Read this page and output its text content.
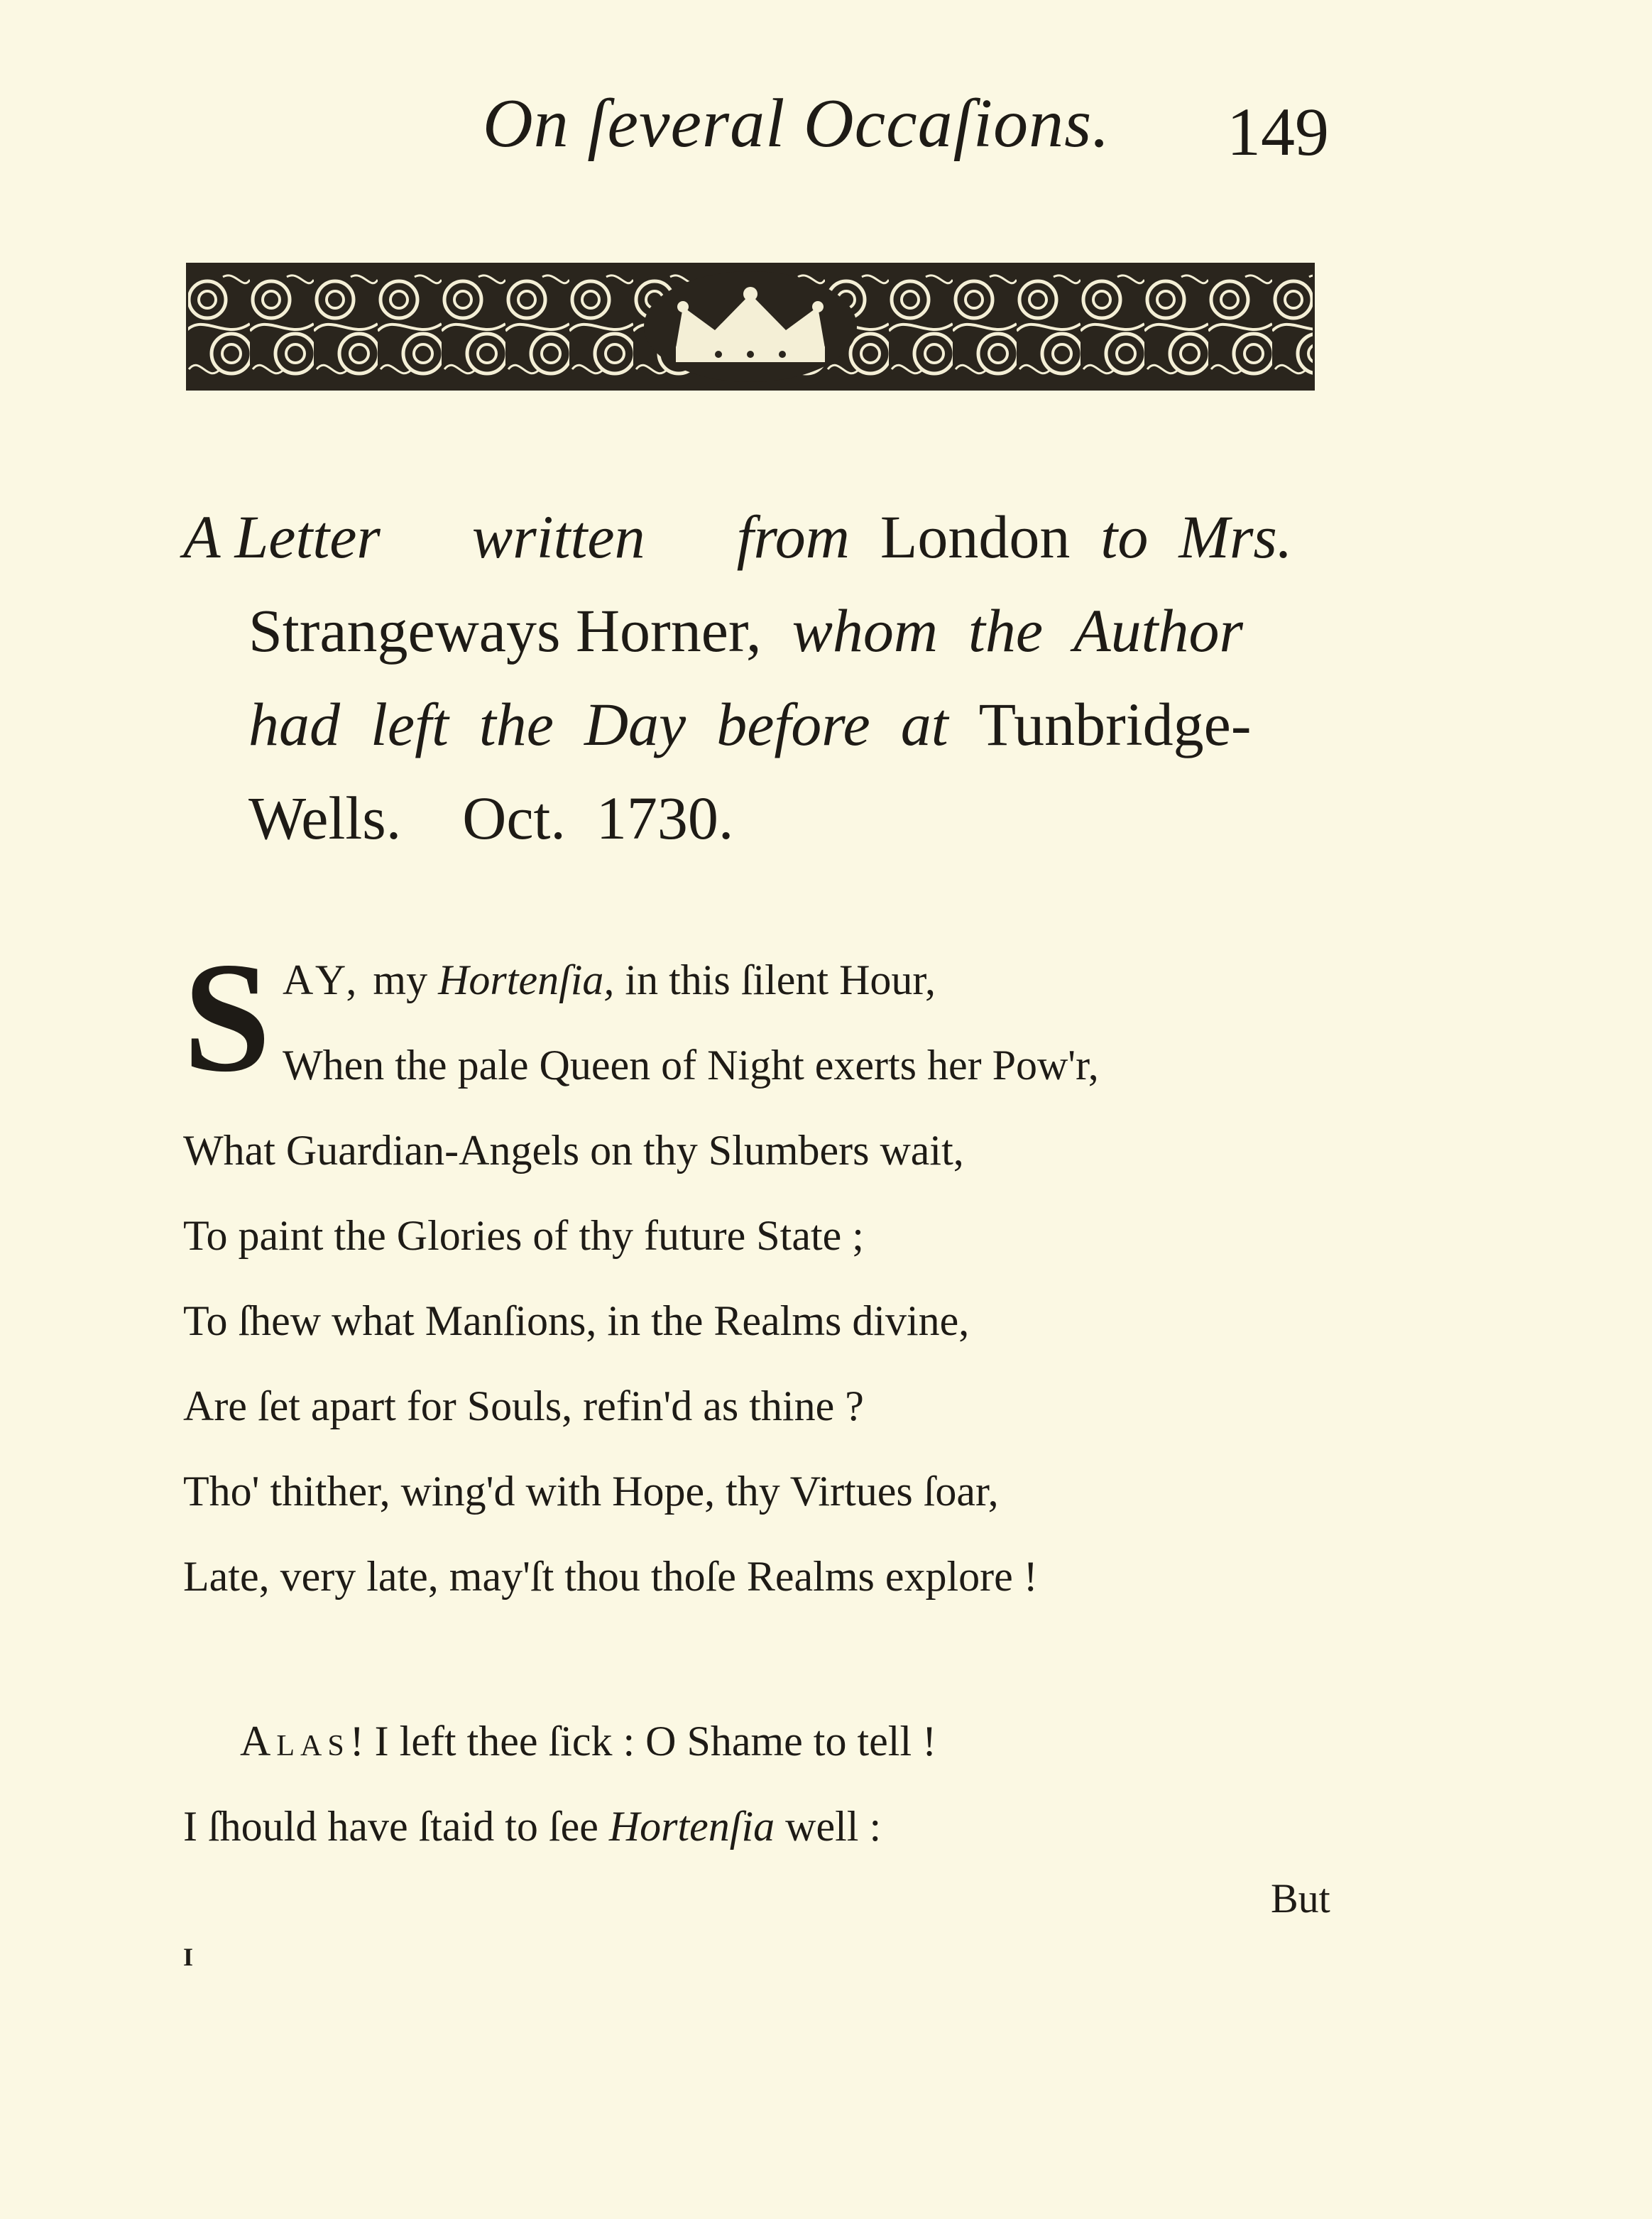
On ſeveral Occaſions. 149
A Letter   written   from  London  to  Mrs.
Strangeways Horner,  whom  the  Author
had  left  the  Day  before  at  Tunbridge-
Wells.  Oct.  1730.
S AY, my Hortenſia, in this ſilent Hour,
When the pale Queen of Night exerts her Pow'r,
What Guardian-Angels on thy Slumbers wait,
To paint the Glories of thy future State ;
To ſhew what Manſions, in the Realms divine,
Are ſet apart for Souls, refin'd as thine ?
Tho' thither, wing'd with Hope, thy Virtues ſoar,
Late, very late, may'ſt thou thoſe Realms explore !
Alas! I left thee ſick : O Shame to tell !
I ſhould have ſtaid to ſee Hortenſia well :
But
I
